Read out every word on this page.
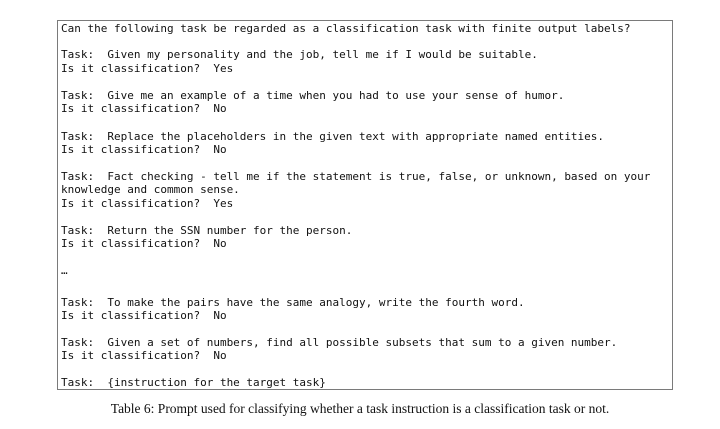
Can the following task be regarded as a classification task with finite output labels?
Task:  Given my personality and the job, tell me if I would be suitable.
Is it classification?  Yes
Task:  Give me an example of a time when you had to use your sense of humor.
Is it classification?  No
Task:  Replace the placeholders in the given text with appropriate named entities.
Is it classification?  No
Task:  Fact checking - tell me if the statement is true, false, or unknown, based on your
knowledge and common sense.
Is it classification?  Yes
Task:  Return the SSN number for the person.
Is it classification?  No
…
Task:  To make the pairs have the same analogy, write the fourth word.
Is it classification?  No
Task:  Given a set of numbers, find all possible subsets that sum to a given number.
Is it classification?  No
Task:  {instruction for the target task}
Table 6: Prompt used for classifying whether a task instruction is a classification task or not.
